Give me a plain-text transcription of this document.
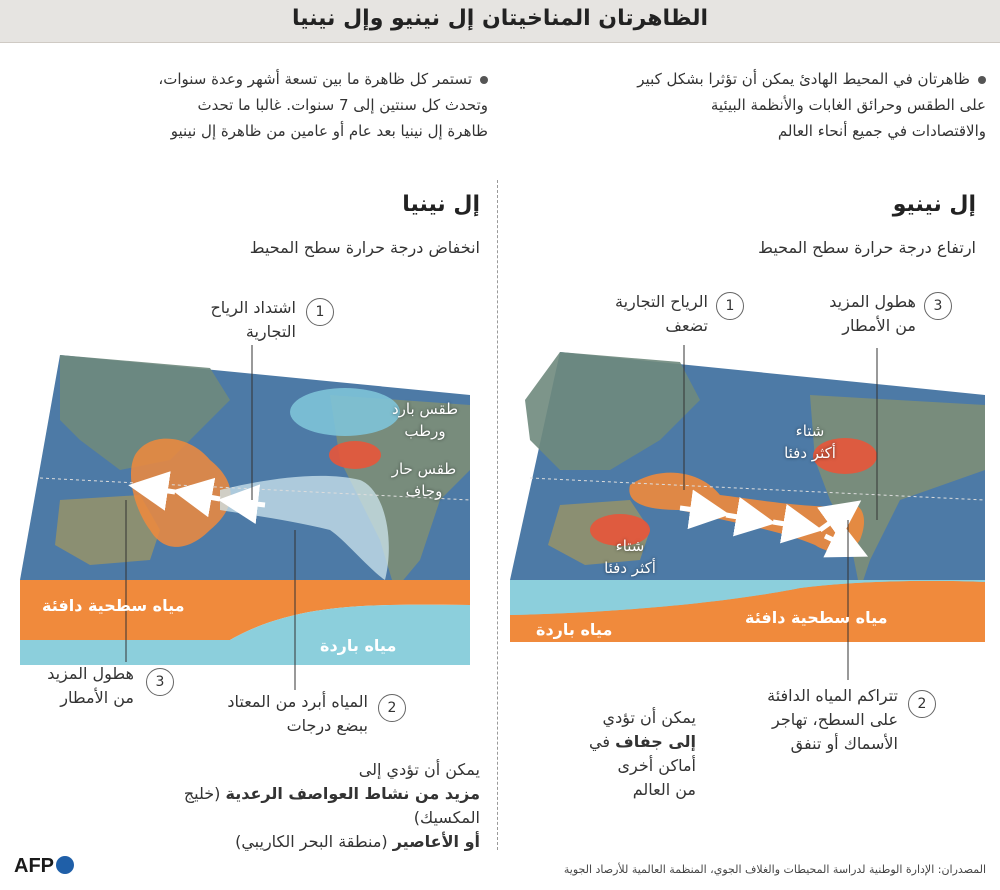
الظاهرتان المناخيتان إل نينيو وإل نينيا
ظاهرتان في المحيط الهادئ يمكن أن تؤثرا بشكل كبير
على الطقس وحرائق الغابات والأنظمة البيئية
والاقتصادات في جميع أنحاء العالم
تستمر كل ظاهرة ما بين تسعة أشهر وعدة سنوات،
وتحدث كل سنتين إلى 7 سنوات. غالبا ما تحدث
ظاهرة إل نينيا بعد عام أو عامين من ظاهرة إل نينيو
إل نينيو
ارتفاع درجة حرارة سطح المحيط
1
الرياح التجارية
تضعف
3
هطول المزيد
من الأمطار
شتاء
أكثر دفئا
شتاء
أكثر دفئا
مياه باردة
مياه سطحية دافئة
2
تتراكم المياه الدافئة
على السطح، تهاجر
الأسماك أو تنفق
يمكن أن تؤدي
إلى جفاف في
أماكن أخرى
من العالم
إل نينيا
انخفاض درجة حرارة سطح المحيط
1
اشتداد الرياح
التجارية
طقس بارد
ورطب
طقس حار
وجاف
مياه سطحية دافئة
مياه باردة
3
هطول المزيد
من الأمطار
2
المياه أبرد من المعتاد
ببضع درجات
يمكن أن تؤدي إلى
مزيد من نشاط العواصف الرعدية (خليج المكسيك)
أو الأعاصير (منطقة البحر الكاريبي)
المصدران: الإدارة الوطنية لدراسة المحيطات والغلاف الجوي، المنظمة العالمية للأرصاد الجوية
AFP
